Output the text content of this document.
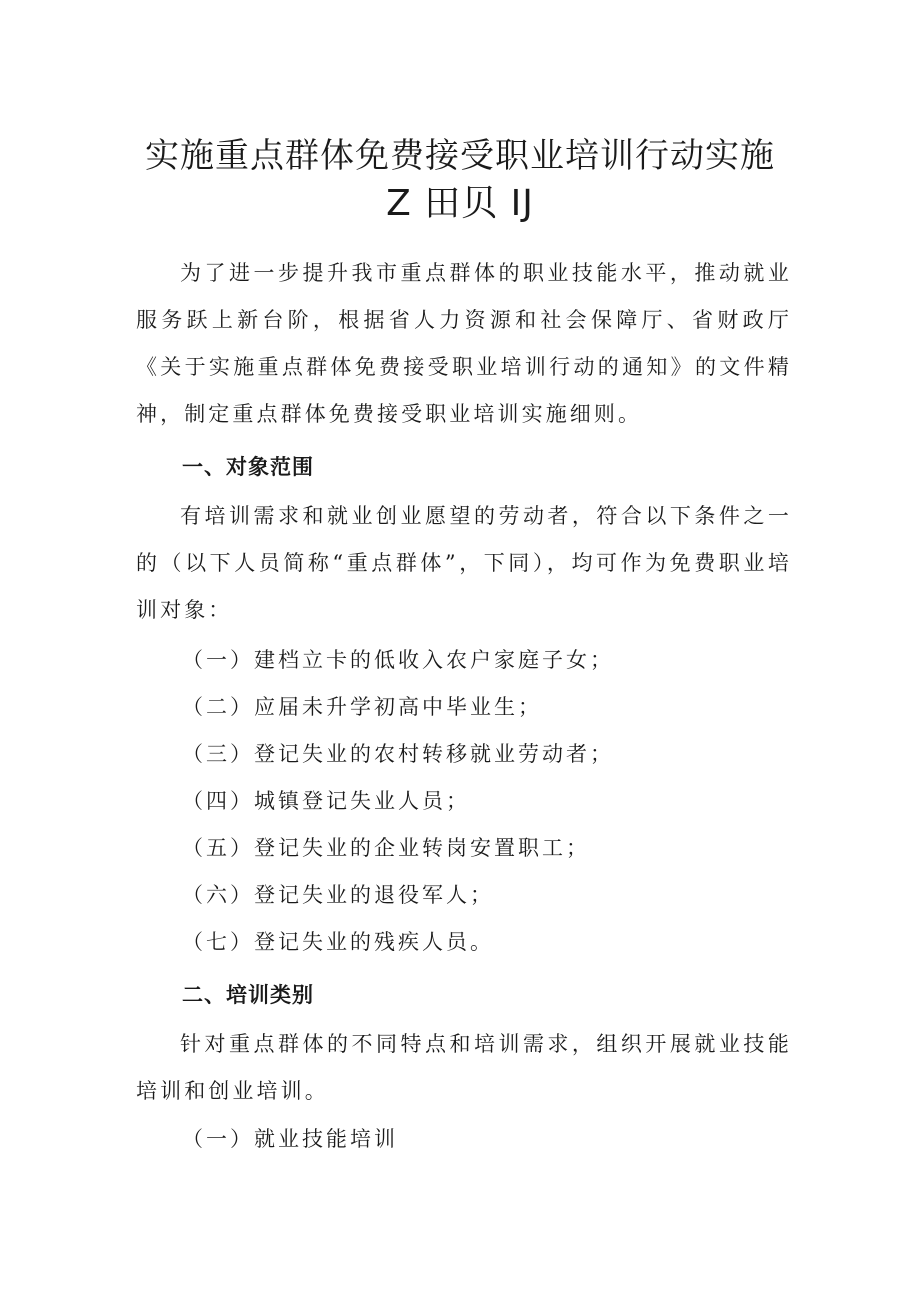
实施重点群体免费接受职业培训行动实施
Z 田贝 IJ

为了进一步提升我市重点群体的职业技能水平，推动就业服务跃上新台阶，根据省人力资源和社会保障厅、省财政厅《关于实施重点群体免费接受职业培训行动的通知》的文件精神，制定重点群体免费接受职业培训实施细则。

一、对象范围

有培训需求和就业创业愿望的劳动者，符合以下条件之一的（以下人员简称“重点群体”，下同），均可作为免费职业培训对象：

（一）建档立卡的低收入农户家庭子女；
（二）应届未升学初高中毕业生；
（三）登记失业的农村转移就业劳动者；
（四）城镇登记失业人员；
（五）登记失业的企业转岗安置职工；
（六）登记失业的退役军人；
（七）登记失业的残疾人员。
二、培训类别

针对重点群体的不同特点和培训需求，组织开展就业技能培训和创业培训。

（一）就业技能培训
